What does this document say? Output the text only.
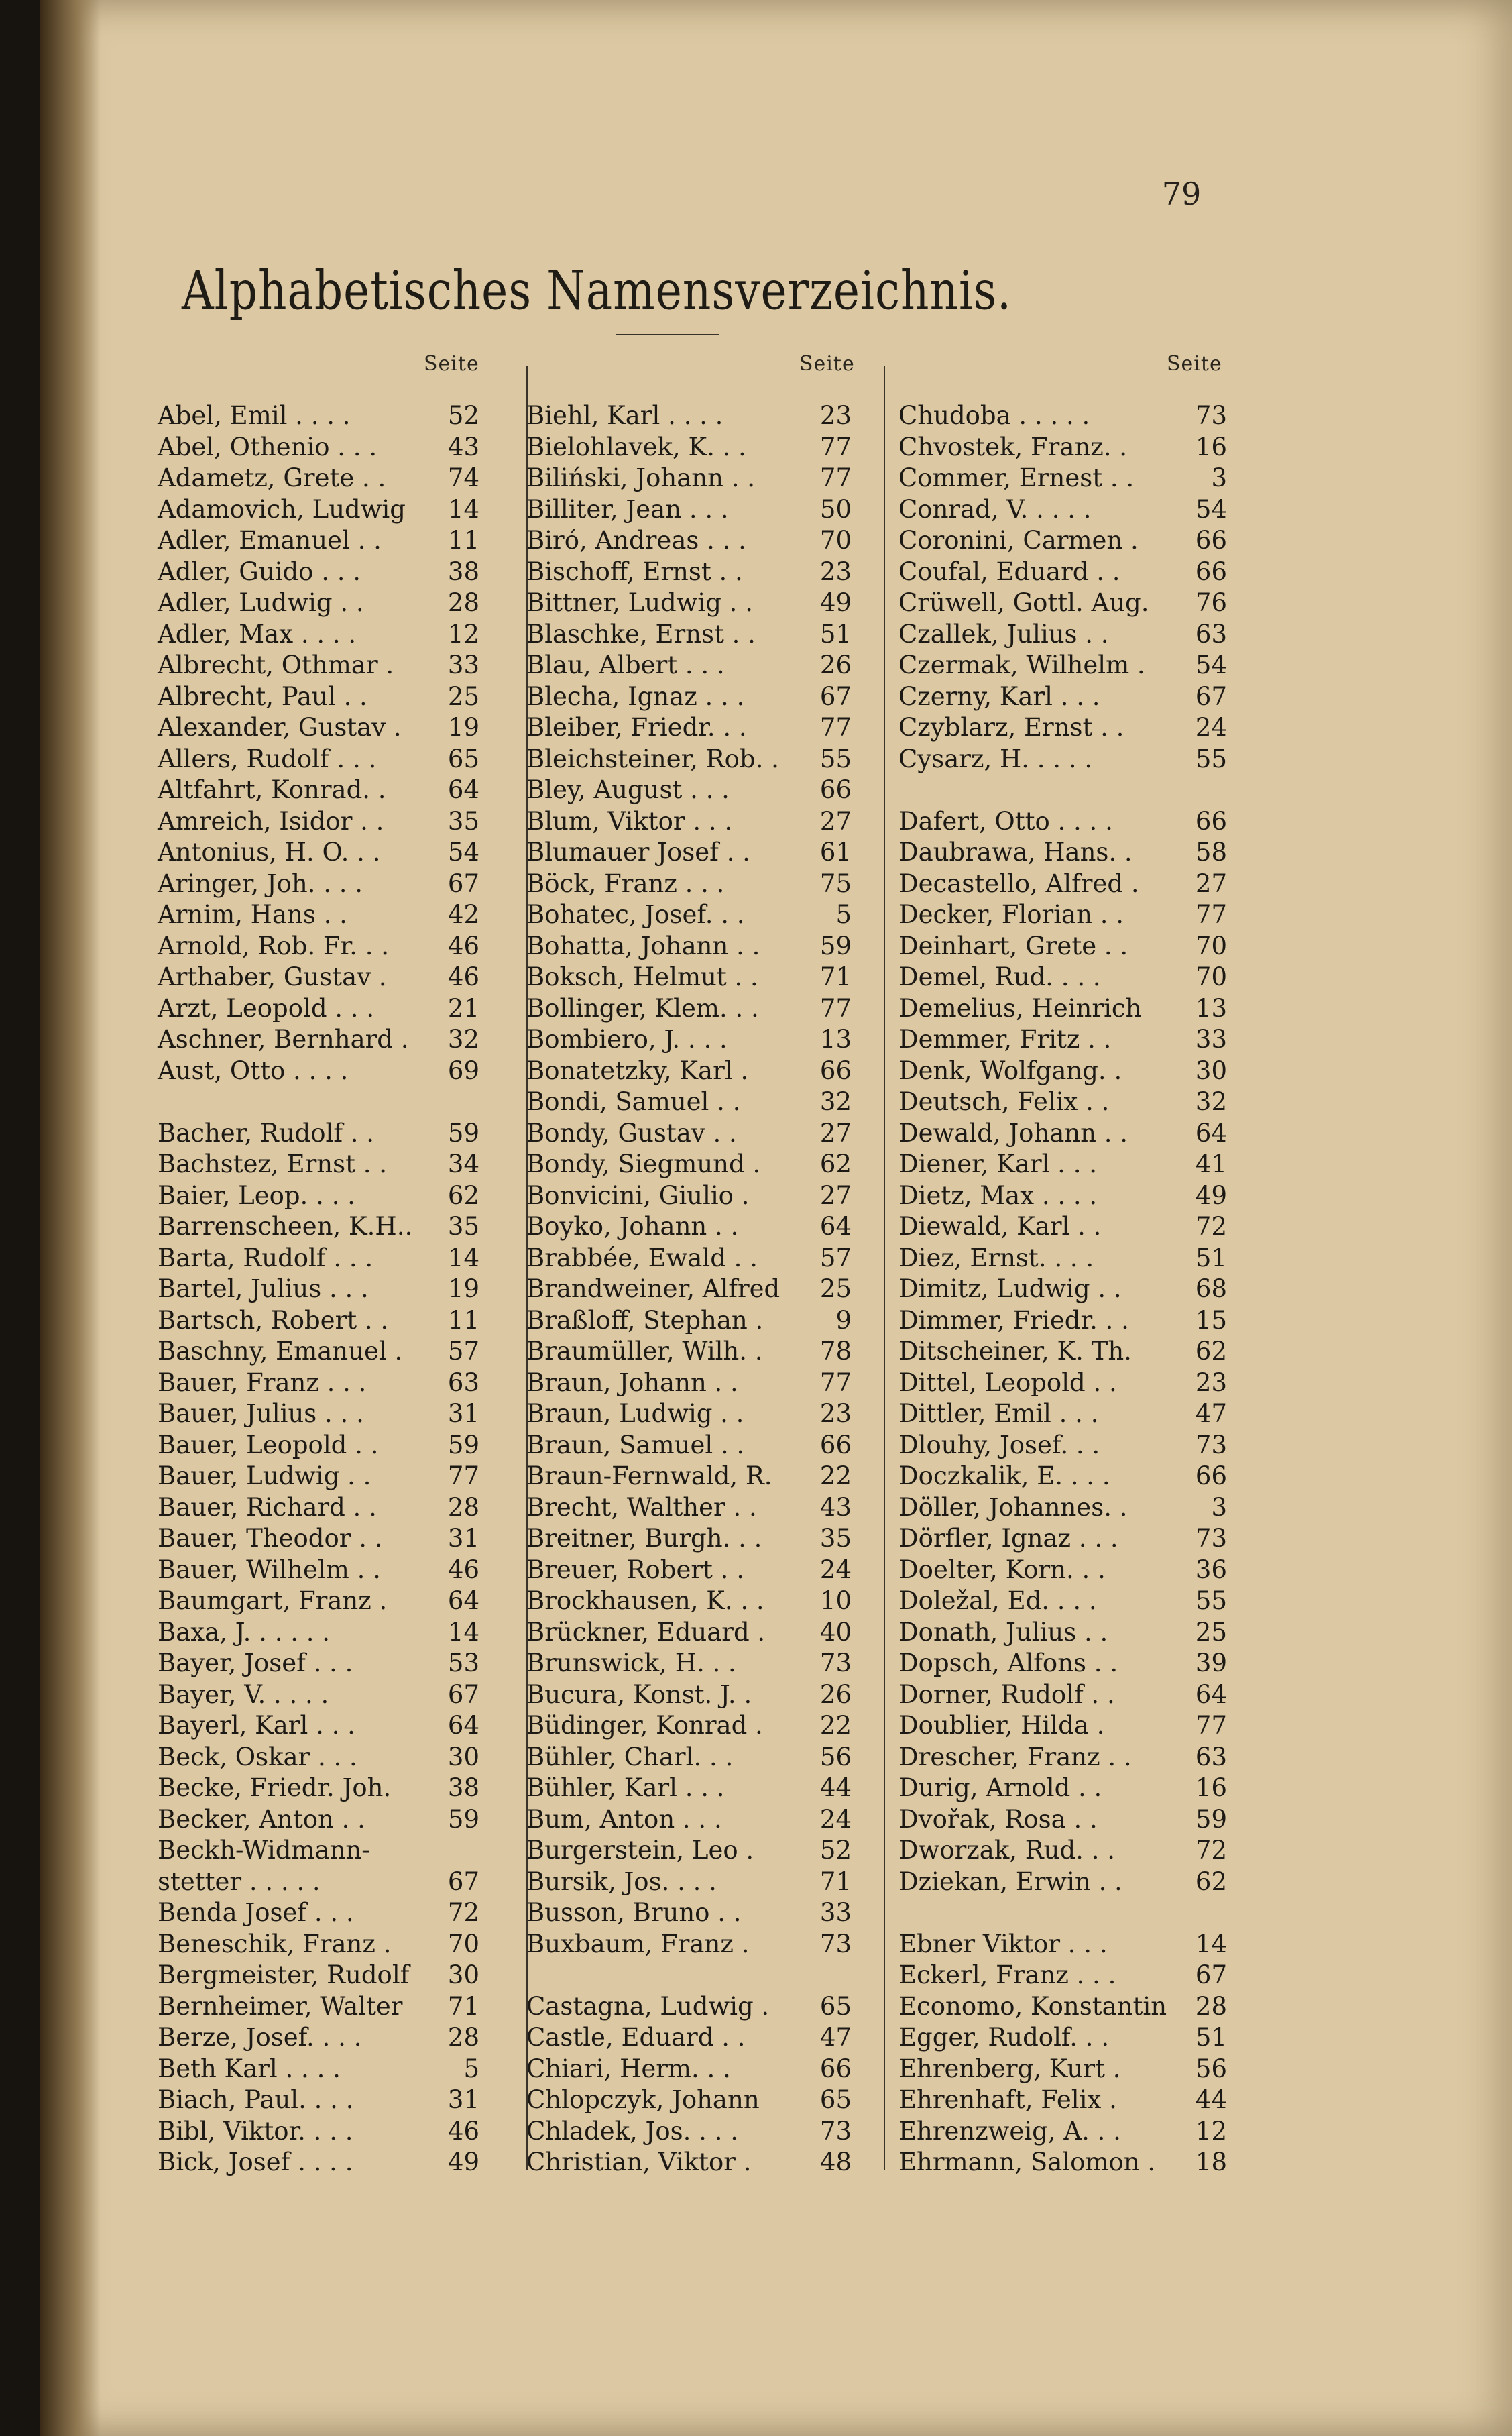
79
Alphabetisches Namensverzeichnis.
Seite	Seite	Seite
Abel, Emil . . . .	52
Abel, Othenio . . .	43
Adametz, Grete . .	74
Adamovich, Ludwig 14
Adler, Emanuel . .	11
Adler, Guido . . .	38
Adler, Ludwig . .	28
Adler, Max . . . .	12
Albrecht, Othmar . 33
Albrecht, Paul . .	25
Alexander, Gustav . 19
Allers, Rudolf . . .	65
Altfahrt, Konrad. . 64
Amreich, Isidor . .	35
Antonius, H. O. . .	54
Aringer, Joh. . . .	67
Arnim, Hans . .	42
Arnold, Rob. Fr. . . 46
Arthaber, Gustav . 46
Arzt, Leopold . . .	21
Aschner, Bernhard . 32
Aust, Otto . . . .	69
Bacher, Rudolf . .	59
Bachstez, Ernst . . 34
Baier, Leop. . . .	62
Barrenscheen, K.H.. 35
Barta, Rudolf . . .	14
Bartel, Julius . . .	19
Bartsch, Robert . . 11
Baschny, Emanuel . 57
Bauer, Franz . . .	63
Bauer, Julius . . .	31
Bauer, Leopold . .	59
Bauer, Ludwig . .	77
Bauer, Richard . .	28
Bauer, Theodor . .	31
Bauer, Wilhelm . .	46
Baumgart, Franz . 64
Baxa, J. . . . . .	14
Bayer, Josef . . .	53
Bayer, V. . . . .	67
Bayerl, Karl . . .	64
Beck, Oskar . . .	30
Becke, Friedr. Joh. 38
Becker, Anton . .	59
Beckh-Widmann-
stetter . . . . .	67
Benda Josef . . .	72
Beneschik, Franz . 70
Bergmeister, Rudolf 30
Bernheimer, Walter 71
Berze, Josef. . . .	28
Beth Karl . . . .	5
Biach, Paul. . . .	31
Bibl, Viktor. . . .	46
Bick, Josef . . . .	49
Biehl, Karl . . . .	23
Bielohlavek, K. . .	77
Biliński, Johann . .	77
Billiter, Jean . . .	50
Biró, Andreas . . .	70
Bischoff, Ernst . .	23
Bittner, Ludwig . .	49
Blaschke, Ernst . .	51
Blau, Albert . . .	26
Blecha, Ignaz . . .	67
Bleiber, Friedr. . .	77
Bleichsteiner, Rob. . 55
Bley, August . . .	66
Blum, Viktor . . .	27
Blumauer Josef . .	61
Böck, Franz . . .	75
Bohatec, Josef. . .	5
Bohatta, Johann . . 59
Boksch, Helmut . . 71
Bollinger, Klem. . . 77
Bombiero, J. . . .	13
Bonatetzky, Karl .	66
Bondi, Samuel . .	32
Bondy, Gustav . .	27
Bondy, Siegmund . 62
Bonvicini, Giulio .	27
Boyko, Johann . .	64
Brabbée, Ewald . .	57
Brandweiner, Alfred 25
Braßloff, Stephan .	9
Braumüller, Wilh. . 78
Braun, Johann . .	77
Braun, Ludwig . .	23
Braun, Samuel . .	66
Braun-Fernwald, R. 22
Brecht, Walther . .	43
Breitner, Burgh. . . 35
Breuer, Robert . .	24
Brockhausen, K. . . 10
Brückner, Eduard . 40
Brunswick, H. . .	73
Bucura, Konst. J. .	26
Büdinger, Konrad . 22
Bühler, Charl. . .	56
Bühler, Karl . . .	44
Bum, Anton . . .	24
Burgerstein, Leo .	52
Bursik, Jos. . . .	71
Busson, Bruno . .	33
Buxbaum, Franz .	73
Castagna, Ludwig . 65
Castle, Eduard . .	47
Chiari, Herm. . .	66
Chlopczyk, Johann 65
Chladek, Jos. . . .	73
Christian, Viktor .	48
Chudoba . . . . .	73
Chvostek, Franz. .	16
Commer, Ernest . .	3
Conrad, V. . . . .	54
Coronini, Carmen . 66
Coufal, Eduard . .	66
Crüwell, Gottl. Aug. 76
Czallek, Julius . .	63
Czermak, Wilhelm . 54
Czerny, Karl . . .	67
Czyblarz, Ernst . .	24
Cysarz, H. . . . .	55
Dafert, Otto . . . .	66
Daubrawa, Hans. .	58
Decastello, Alfred . 27
Decker, Florian . .	77
Deinhart, Grete . .	70
Demel, Rud. . . .	70
Demelius, Heinrich 13
Demmer, Fritz . .	33
Denk, Wolfgang. .	30
Deutsch, Felix . .	32
Dewald, Johann . .	64
Diener, Karl . . .	41
Dietz, Max . . . .	49
Diewald, Karl . .	72
Diez, Ernst. . . .	51
Dimitz, Ludwig . .	68
Dimmer, Friedr. . .	15
Ditscheiner, K. Th.	62
Dittel, Leopold . .	23
Dittler, Emil . . .	47
Dlouhy, Josef. . .	73
Doczkalik, E. . . .	66
Döller, Johannes. .	3
Dörfler, Ignaz . . .	73
Doelter, Korn. . .	36
Doležal, Ed. . . .	55
Donath, Julius . .	25
Dopsch, Alfons . .	39
Dorner, Rudolf . .	64
Doublier, Hilda .	77
Drescher, Franz . .	63
Durig, Arnold . .	16
Dvořak, Rosa . .	59
Dworzak, Rud. . .	72
Dziekan, Erwin . .	62
Ebner Viktor . . .	14
Eckerl, Franz . . .	67
Economo, Konstantin 28
Egger, Rudolf. . .	51
Ehrenberg, Kurt .	56
Ehrenhaft, Felix .	44
Ehrenzweig, A. . .	12
Ehrmann, Salomon . 18
